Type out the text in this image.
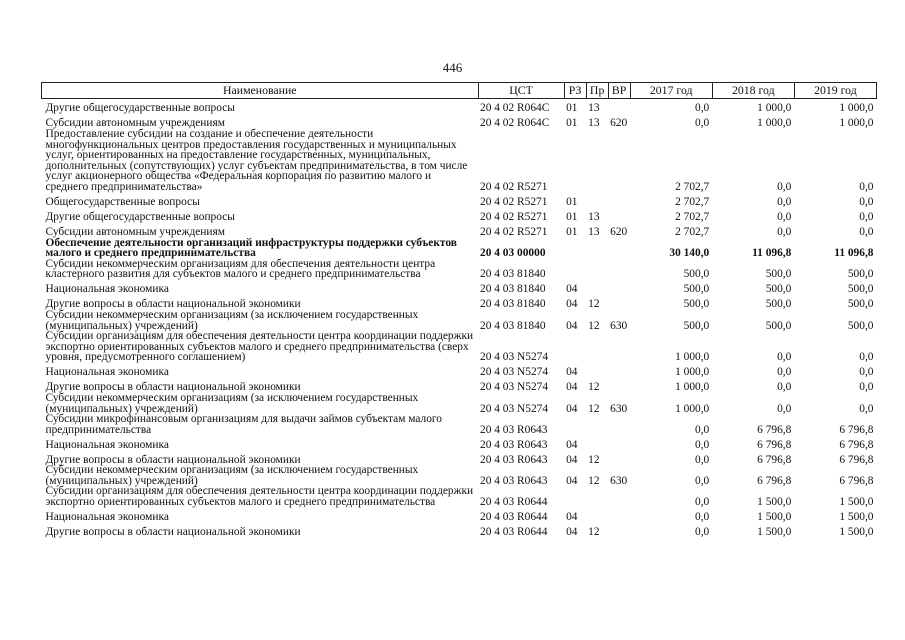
446
Наименование	ЦСТ	РЗ	Пр	ВР	2017 год	2018 год	2019 год
Другие общегосударственные вопросы	20 4 02 R064C	01	13		0,0	1 000,0	1 000,0
Субсидии автономным учреждениям	20 4 02 R064C	01	13	620	0,0	1 000,0	1 000,0
Предоставление субсидии на создание и обеспечение деятельности многофункциональных центров предоставления государственных и муниципальных услуг, ориентированных на предоставление государственных, муниципальных, дополнительных (сопутствующих) услуг субъектам предпринимательства, в том числе услуг акционерного общества «Федеральная корпорация по развитию малого и среднего предпринимательства»	20 4 02 R5271				2 702,7	0,0	0,0
Общегосударственные вопросы	20 4 02 R5271	01			2 702,7	0,0	0,0
Другие общегосударственные вопросы	20 4 02 R5271	01	13		2 702,7	0,0	0,0
Субсидии автономным учреждениям	20 4 02 R5271	01	13	620	2 702,7	0,0	0,0
Обеспечение деятельности организаций инфраструктуры поддержки субъектов малого и среднего предпринимательства	20 4 03 00000				30 140,0	11 096,8	11 096,8
Субсидии некоммерческим организациям для обеспечения деятельности центра кластерного развития для субъектов малого и среднего предпринимательства	20 4 03 81840				500,0	500,0	500,0
Национальная экономика	20 4 03 81840	04			500,0	500,0	500,0
Другие вопросы в области национальной экономики	20 4 03 81840	04	12		500,0	500,0	500,0
Субсидии некоммерческим организациям (за исключением государственных (муниципальных) учреждений)	20 4 03 81840	04	12	630	500,0	500,0	500,0
Субсидии организациям для обеспечения деятельности центра координации поддержки экспортно ориентированных субъектов малого и среднего предпринимательства (сверх уровня, предусмотренного соглашением)	20 4 03 N5274				1 000,0	0,0	0,0
Национальная экономика	20 4 03 N5274	04			1 000,0	0,0	0,0
Другие вопросы в области национальной экономики	20 4 03 N5274	04	12		1 000,0	0,0	0,0
Субсидии некоммерческим организациям (за исключением государственных (муниципальных) учреждений)	20 4 03 N5274	04	12	630	1 000,0	0,0	0,0
Субсидии микрофинансовым организациям для выдачи займов субъектам малого предпринимательства	20 4 03 R0643				0,0	6 796,8	6 796,8
Национальная экономика	20 4 03 R0643	04			0,0	6 796,8	6 796,8
Другие вопросы в области национальной экономики	20 4 03 R0643	04	12		0,0	6 796,8	6 796,8
Субсидии некоммерческим организациям (за исключением государственных (муниципальных) учреждений)	20 4 03 R0643	04	12	630	0,0	6 796,8	6 796,8
Субсидии организациям для обеспечения деятельности центра координации поддержки экспортно ориентированных субъектов малого и среднего предпринимательства	20 4 03 R0644				0,0	1 500,0	1 500,0
Национальная экономика	20 4 03 R0644	04			0,0	1 500,0	1 500,0
Другие вопросы в области национальной экономики	20 4 03 R0644	04	12		0,0	1 500,0	1 500,0
